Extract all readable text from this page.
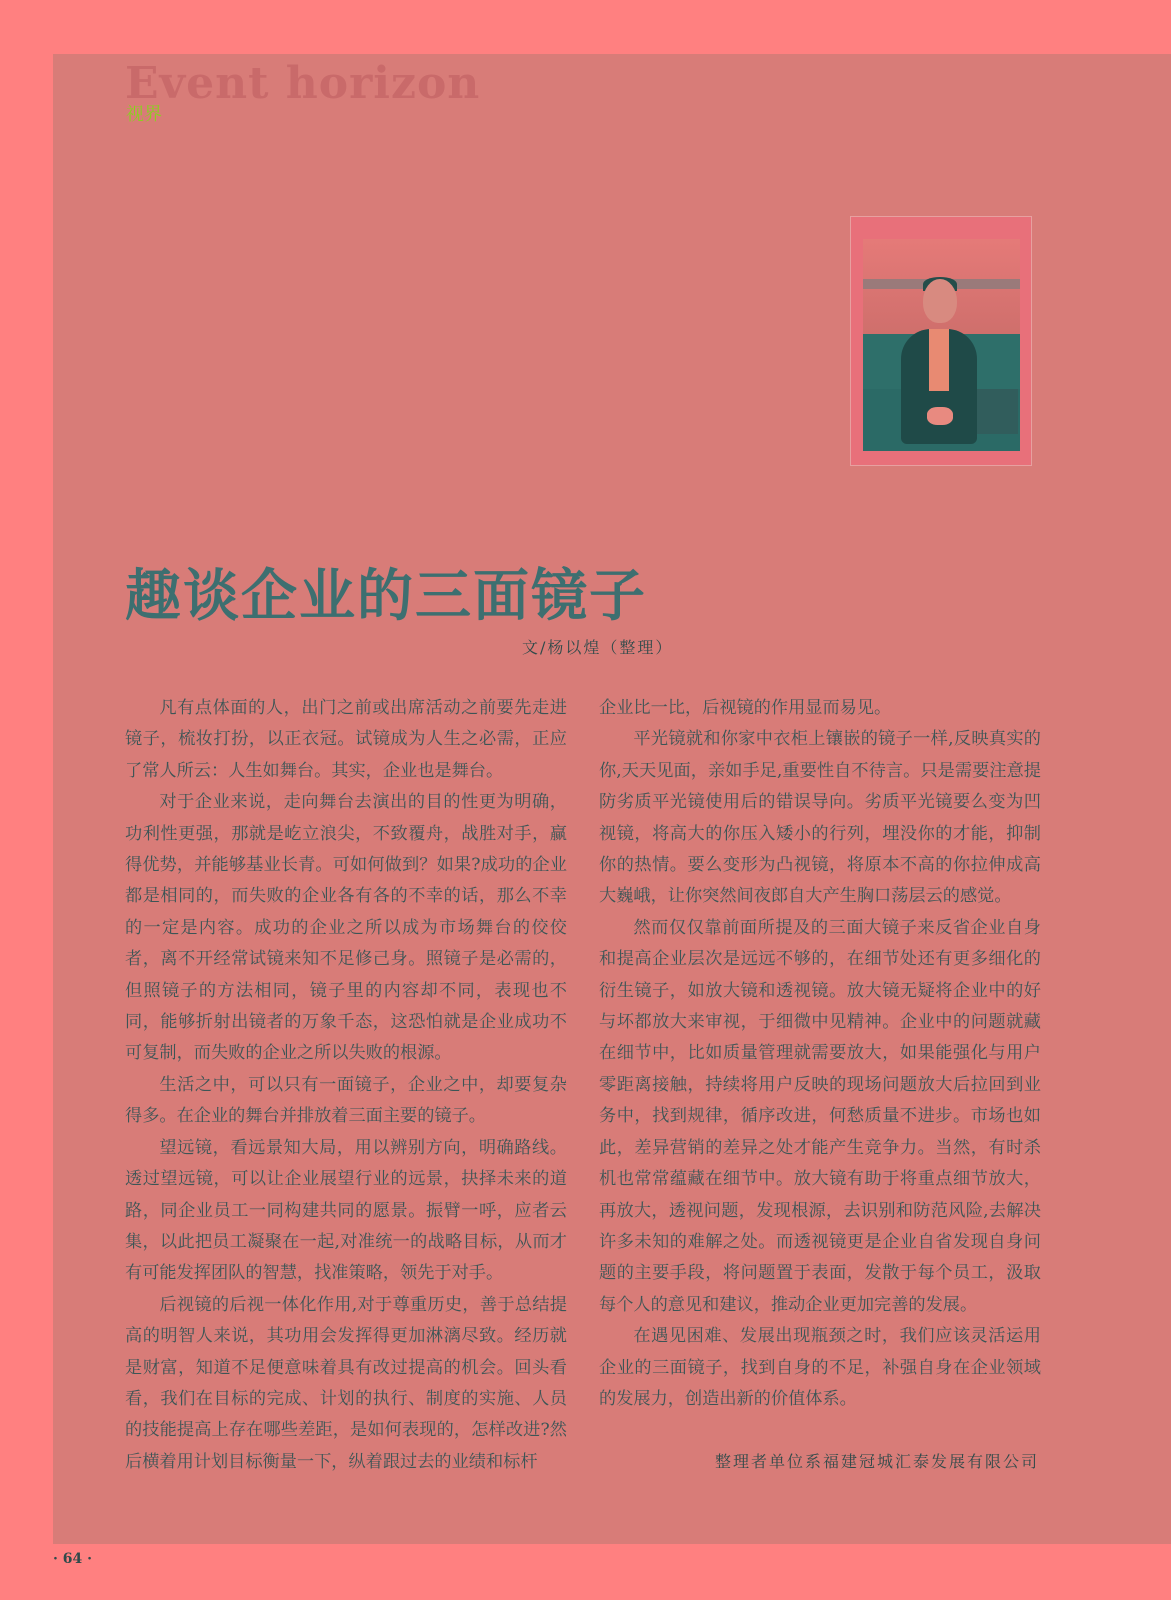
Event horizon
视界
趣谈企业的三面镜子
文/杨以煌（整理）

凡有点体面的人，出门之前或出席活动之前要先走进镜子，梳妆打扮，以正衣冠。试镜成为人生之必需，正应了常人所云：人生如舞台。其实，企业也是舞台。

对于企业来说，走向舞台去演出的目的性更为明确，功利性更强，那就是屹立浪尖，不致覆舟，战胜对手，赢得优势，并能够基业长青。可如何做到？如果?成功的企业都是相同的，而失败的企业各有各的不幸的话，那么不幸的一定是内容。成功的企业之所以成为市场舞台的佼佼者，离不开经常试镜来知不足修己身。照镜子是必需的，但照镜子的方法相同，镜子里的内容却不同，表现也不同，能够折射出镜者的万象千态，这恐怕就是企业成功不可复制，而失败的企业之所以失败的根源。

生活之中，可以只有一面镜子，企业之中，却要复杂得多。在企业的舞台并排放着三面主要的镜子。

望远镜，看远景知大局，用以辨别方向，明确路线。透过望远镜，可以让企业展望行业的远景，抉择未来的道路，同企业员工一同构建共同的愿景。振臂一呼，应者云集，以此把员工凝聚在一起,对准统一的战略目标，从而才有可能发挥团队的智慧，找准策略，领先于对手。

后视镜的后视一体化作用,对于尊重历史，善于总结提高的明智人来说，其功用会发挥得更加淋漓尽致。经历就是财富，知道不足便意味着具有改过提高的机会。回头看看，我们在目标的完成、计划的执行、制度的实施、人员的技能提高上存在哪些差距，是如何表现的，怎样改进?然后横着用计划目标衡量一下，纵着跟过去的业绩和标杆

企业比一比，后视镜的作用显而易见。

平光镜就和你家中衣柜上镶嵌的镜子一样,反映真实的你,天天见面，亲如手足,重要性自不待言。只是需要注意提防劣质平光镜使用后的错误导向。劣质平光镜要么变为凹视镜，将高大的你压入矮小的行列，埋没你的才能，抑制你的热情。要么变形为凸视镜，将原本不高的你拉伸成高大巍峨，让你突然间夜郎自大产生胸口荡层云的感觉。

然而仅仅靠前面所提及的三面大镜子来反省企业自身和提高企业层次是远远不够的，在细节处还有更多细化的衍生镜子，如放大镜和透视镜。放大镜无疑将企业中的好与坏都放大来审视，于细微中见精神。企业中的问题就藏在细节中，比如质量管理就需要放大，如果能强化与用户零距离接触，持续将用户反映的现场问题放大后拉回到业务中，找到规律，循序改进，何愁质量不进步。市场也如此，差异营销的差异之处才能产生竞争力。当然，有时杀机也常常蕴藏在细节中。放大镜有助于将重点细节放大，再放大，透视问题，发现根源，去识别和防范风险,去解决许多未知的难解之处。而透视镜更是企业自省发现自身问题的主要手段，将问题置于表面，发散于每个员工，汲取每个人的意见和建议，推动企业更加完善的发展。

在遇见困难、发展出现瓶颈之时，我们应该灵活运用企业的三面镜子，找到自身的不足，补强自身在企业领域的发展力，创造出新的价值体系。

整理者单位系福建冠城汇泰发展有限公司
· 64 ·
